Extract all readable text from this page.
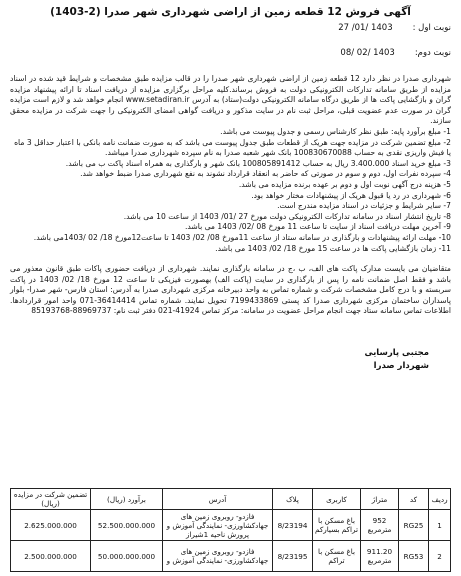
آگهی فروش 12 قطعه زمین از اراضی شهرداری شهر صدرا (2-1403)
نوبت اول :
27 /01/ 1403
نوبت دوم:
08/ 02/ 1403

شهرداری صدرا در نظر دارد 12 قطعه زمین از اراضی شهرداری شهر صدرا را در قالب مزایده طبق مشخصات و شرایط قید شده در اسناد مزایده از طریق سامانه تدارکات الکترونیکی دولت به فروش برساند.کلیه مراحل برگزاری مزایده از دریافت اسناد تا ارائه پیشنهاد مزایده گران و بازگشایی پاکت ها از طریق درگاه سامانه الکترونیکی دولت(ستاد) به آدرس www.setadiran.ir انجام خواهد شد و لازم است مزایده گران در صورت عدم عضویت قبلی، مراحل ثبت نام در سایت مذکور و دریافت گواهی امضای الکترونیکی را جهت شرکت در مزایده محقق سازند.

1- مبلغ برآورد پایه: طبق نظر کارشناس رسمی و جدول پیوست می باشد.
2- مبلغ تضمین شرکت در مزایده جهت هریک از قطعات طبق جدول پیوست می باشد که به صورت ضمانت نامه بانکی با اعتبار حداقل 3 ماه یا فیش واریزی نقدی به حساب 100830670088 بانک شهر شعبه صدرا به نام سپرده شهرداری صدرا میباشد.
3- مبلغ خرید اسناد 3.400.000 ریال به حساب 100805891412 بانک شهر و بارگذاری به همراه اسناد پاکت ب می باشد.
4- سپرده نفرات اول، دوم و سوم در صورتی که حاضر به انعقاد قرارداد نشوند به نفع شهرداری صدرا ضبط خواهد شد.
5- هزینه درج آگهی نوبت اول و دوم بر عهده برنده مزایده می باشد.
6- شهرداری در رد یا قبول هریک از پیشنهادات مختار خواهد بود.
7- سایر شرایط و جزئیات در اسناد مزایده مندرج است.
8- تاریخ انتشار اسناد در سامانه تدارکات الکترونیکی دولت مورخ 27 /01/ 1403 از ساعت 10 می باشد.
9- آخرین مهلت دریافت اسناد از سایت تا ساعت 11 مورخ 08 /02/ 1403 می باشد.
10- مهلت ارائه پیشنهادات و بارگذاری در سامانه ستاد از ساعت 11مورخ 08/ 02/ 1403 تا ساعت12مورخ 18/ 02 /1403می باشد.
11- زمان بازگشایی پاکت ها در ساعت 15 مورخ 18/ 02/ 1403 می باشد.

متقاضیان می بایست مدارک پاکت های الف، ب ،ج در سامانه بارگذاری نمایند. شهرداری از دریافت حضوری پاکات طبق قانون معذور می باشد و فقط اصل ضمانت نامه را پس از بارگذاری در سایت (پاکت الف) بهصورت فیزیکی تا ساعت 12 مورخ 18/ 02/ 1403 در پاکت سربسته و با درج کامل مشخصات شرکت و شماره تماس به واحد دبیرخانه مرکزی شهرداری صدرا به آدرس: استان فارس- شهر صدرا- بلوار پاسداران ساختمان مرکزی شهرداری صدرا کد پستی 7199433869 تحویل نمایند. شماره تماس 36414414-071 واحد امور قراردادها. اطلاعات تماس سامانه ستاد جهت انجام مراحل عضویت در سامانه: مرکز تماس 41924-021 دفتر ثبت نام: 88969737-85193768

مجتبی پارسایی
شهردار صدرا
ردیف	کد	متراژ	کاربری	پلاک	آدرس	برآورد (ریال)	تضمین شرکت در مزایده (ریال)
1	RG25	952 مترمربع	باغ مسکن با تراکم بسیارکم	8/23194	فازدو- روبروی زمین های جهادکشاورزی- نمایندگی آموزش و پرورش ناحیه 1شیراز	52.500.000.000	2.625.000.000
2	RG53	911.20 مترمربع	باغ مسکن با تراکم	8/23195	فازدو- روبروی زمین های جهادکشاورزی- نمایندگی آموزش و	50.000.000.000	2.500.000.000
